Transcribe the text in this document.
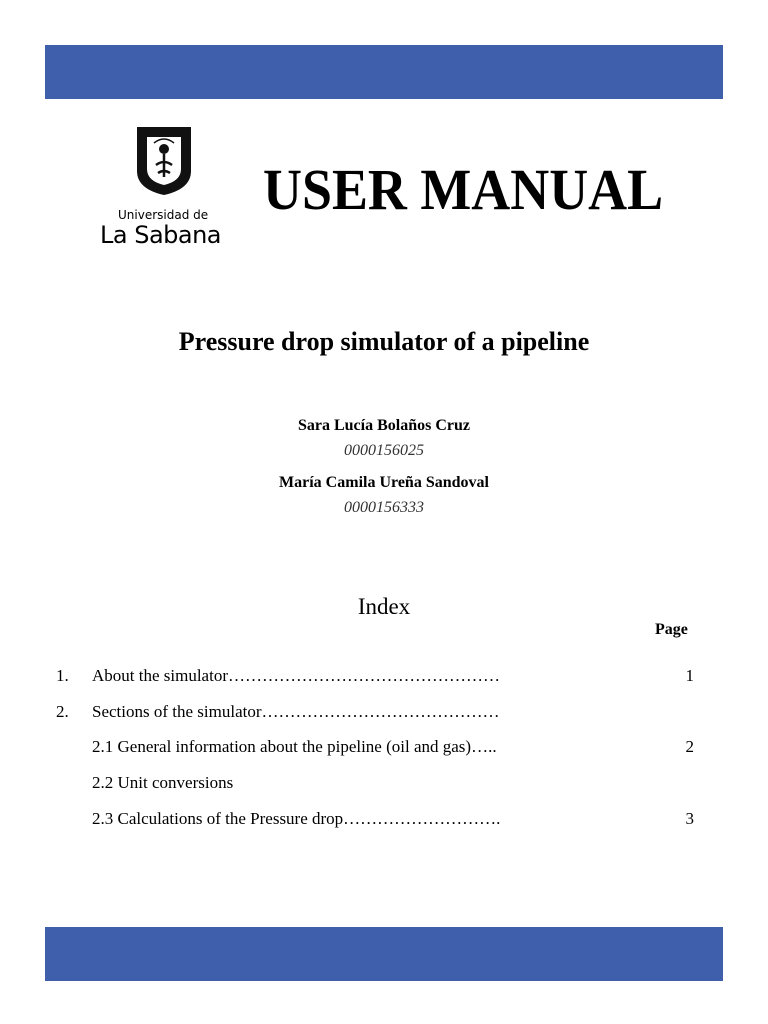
Universidad de
La Sabana
USER MANUAL
Pressure drop simulator of a pipeline
Sara Lucía Bolaños Cruz
0000156025
María Camila Ureña Sandoval
0000156333
Index
Page
1. About the simulator…………………………………………	1
2. Sections of the simulator……………………………………
2.1 General information about the pipeline (oil and gas)…..	2
2.2 Unit conversions
2.3 Calculations of the Pressure drop……………………….	3
